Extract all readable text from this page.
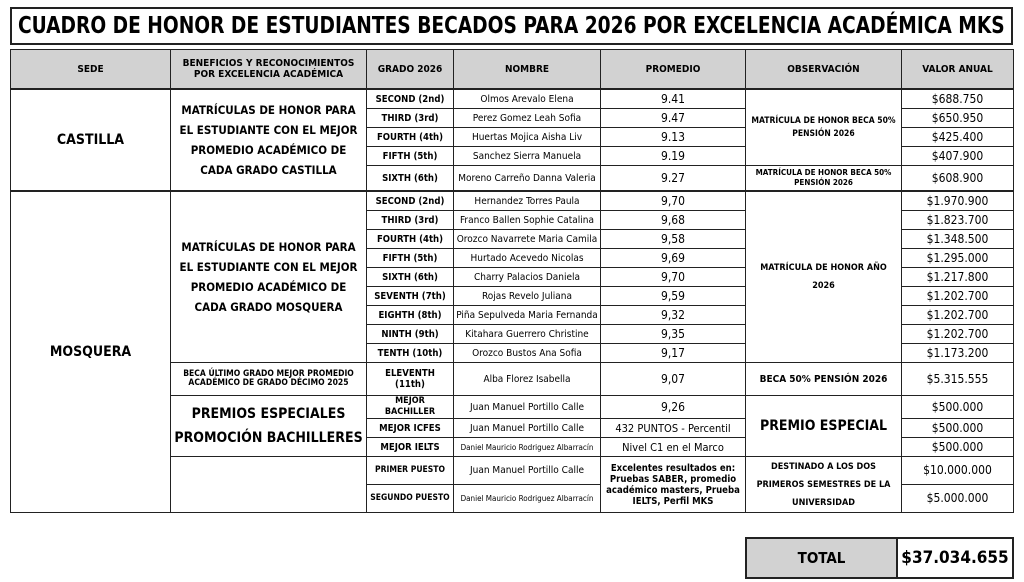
CUADRO DE HONOR DE ESTUDIANTES BECADOS PARA 2026 POR EXCELENCIA ACADÉMICA MKS
SEDE	BENEFICIOS Y RECONOCIMIENTOS POR EXCELENCIA ACADÉMICA	GRADO 2026	NOMBRE	PROMEDIO	OBSERVACIÓN	VALOR ANUAL
CASTILLA	MATRÍCULAS DE HONOR PARA EL ESTUDIANTE CON EL MEJOR PROMEDIO ACADÉMICO DE CADA GRADO CASTILLA	SECOND (2nd)	Olmos Arevalo Elena	9.41	MATRÍCULA DE HONOR BECA 50% PENSIÓN 2026	$688.750
		THIRD (3rd)	Perez Gomez Leah Sofia	9.47		$650.950
		FOURTH (4th)	Huertas Mojica Aisha Liv	9.13		$425.400
		FIFTH (5th)	Sanchez Sierra Manuela	9.19		$407.900
		SIXTH (6th)	Moreno Carreño Danna Valeria	9.27	MATRÍCULA DE HONOR BECA 50% PENSIÓN 2026	$608.900
MOSQUERA	MATRÍCULAS DE HONOR PARA EL ESTUDIANTE CON EL MEJOR PROMEDIO ACADÉMICO DE CADA GRADO MOSQUERA	SECOND (2nd)	Hernandez Torres Paula	9,70	MATRÍCULA DE HONOR AÑO 2026	$1.970.900
		THIRD (3rd)	Franco Ballen Sophie Catalina	9,68		$1.823.700
		FOURTH (4th)	Orozco Navarrete Maria Camila	9,58		$1.348.500
		FIFTH (5th)	Hurtado Acevedo Nicolas	9,69		$1.295.000
		SIXTH (6th)	Charry Palacios Daniela	9,70		$1.217.800
		SEVENTH (7th)	Rojas Revelo Juliana	9,59		$1.202.700
		EIGHTH (8th)	Piña Sepulveda Maria Fernanda	9,32		$1.202.700
		NINTH (9th)	Kitahara Guerrero Christine	9,35		$1.202.700
		TENTH (10th)	Orozco Bustos Ana Sofia	9,17		$1.173.200
	BECA ÚLTIMO GRADO MEJOR PROMEDIO ACADÉMICO DE GRADO DÉCIMO 2025	ELEVENTH (11th)	Alba Florez Isabella	9,07	BECA 50% PENSIÓN 2026	$5.315.555
	PREMIOS ESPECIALES PROMOCIÓN BACHILLERES	MEJOR BACHILLER	Juan Manuel Portillo Calle	9,26	PREMIO ESPECIAL	$500.000
		MEJOR ICFES	Juan Manuel Portillo Calle	432 PUNTOS - Percentil		$500.000
		MEJOR IELTS	Daniel Mauricio Rodriguez Albarracín	Nivel C1 en el Marco		$500.000
		PRIMER PUESTO	Juan Manuel Portillo Calle	Excelentes resultados en: Pruebas SABER, promedio académico masters, Prueba IELTS, Perfil MKS	DESTINADO A LOS DOS PRIMEROS SEMESTRES DE LA UNIVERSIDAD	$10.000.000
		SEGUNDO PUESTO	Daniel Mauricio Rodriguez Albarracín			$5.000.000
TOTAL	$37.034.655
